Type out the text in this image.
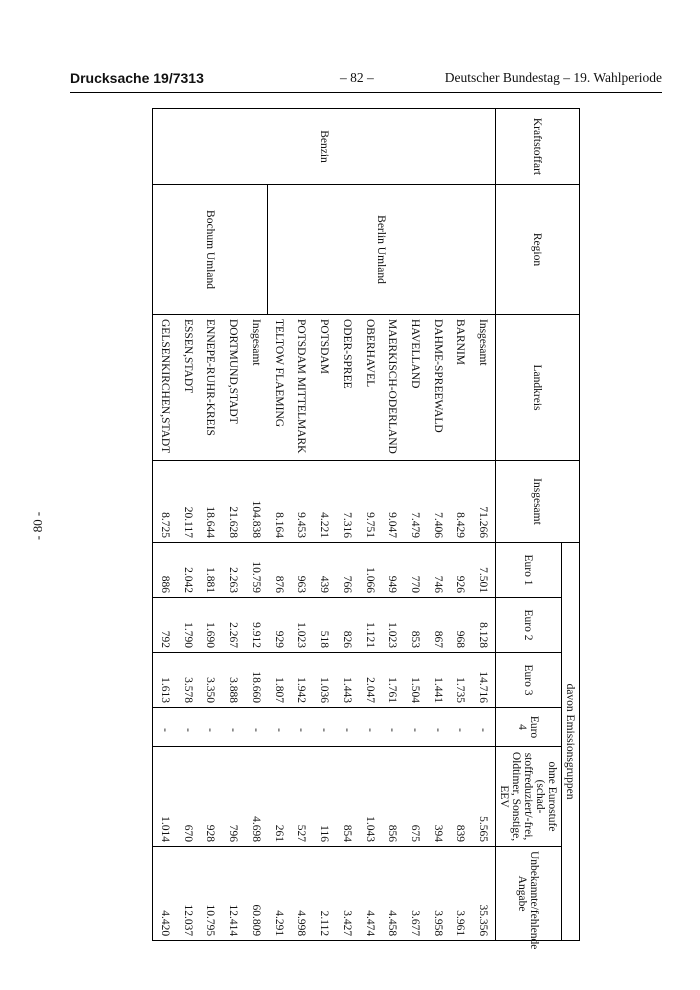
Drucksache 19/7313	– 82 –	Deutscher Bundestag – 19. Wahlperiode
- 80 -
Kraftstoffart	Region	Landkreis	Insgesamt	davon Emissionsgruppen					
				Euro 1	Euro 2	Euro 3	Euro 4	ohne Eurostufe (schad- stoffreduziert/-frei, Oldtimer, Sonstige, EEV	Unbekannte/fehlende Angabe
Benzin	Berlin Umland	Insgesamt	71.266	7.501	8.128	14.716	-	5.565	35.356
		BARNIM	8.429	926	968	1.735	-	839	3.961
		DAHME-SPREEWALD	7.406	746	867	1.441	-	394	3.958
		HAVELLAND	7.479	770	853	1.504	-	675	3.677
		MAERKISCH-ODERLAND	9.047	949	1.023	1.761	-	856	4.458
		OBERHAVEL	9.751	1.066	1.121	2.047	-	1.043	4.474
		ODER-SPREE	7.316	766	826	1.443	-	854	3.427
		POTSDAM	4.221	439	518	1.036	-	116	2.112
		POTSDAM MITTELMARK	9.453	963	1.023	1.942	-	527	4.998
		TELTOW FLAEMING	8.164	876	929	1.807	-	261	4.291
	Bochum Umland	Insgesamt	104.838	10.759	9.912	18.660	-	4.698	60.809
		DORTMUND,STADT	21.628	2.263	2.267	3.888	-	796	12.414
		ENNEPE-RUHR-KREIS	18.644	1.881	1.690	3.350	-	928	10.795
		ESSEN,STADT	20.117	2.042	1.790	3.578	-	670	12.037
		GELSENKIRCHEN,STADT	8.725	886	792	1.613	-	1.014	4.420
